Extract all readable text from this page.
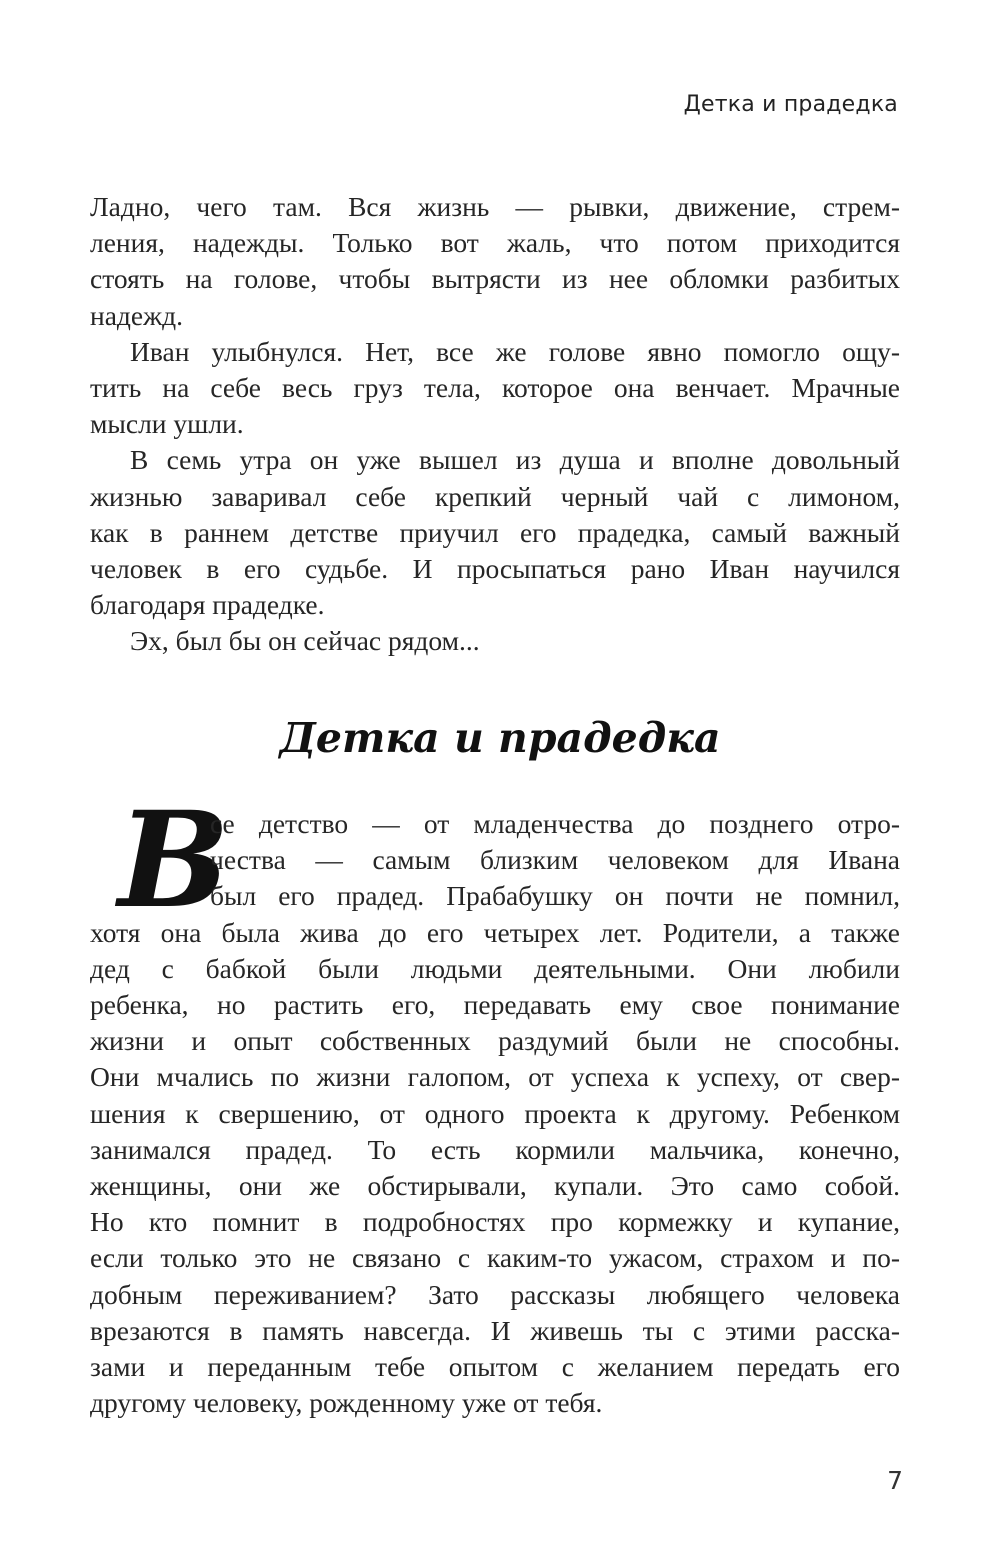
Детка и прадедка
Ладно, чего там. Вся жизнь — рывки, движение, стрем-
ления, надежды. Только вот жаль, что потом приходится
стоять на голове, чтобы вытрясти из нее обломки разбитых
надежд.
Иван улыбнулся. Нет, все же голове явно помогло ощу-
тить на себе весь груз тела, которое она венчает. Мрачные
мысли ушли.
В семь утра он уже вышел из душа и вполне довольный
жизнью заваривал себе крепкий черный чай с лимоном,
как в раннем детстве приучил его прадедка, самый важный
человек в его судьбе. И просыпаться рано Иван научился
благодаря прадедке.
Эх, был бы он сейчас рядом...
Детка и прадедка
В
се детство — от младенчества до позднего отро-
чества — самым близким человеком для Ивана
был его прадед. Прабабушку он почти не помнил,
хотя она была жива до его четырех лет. Родители, а также
дед с бабкой были людьми деятельными. Они любили
ребенка, но растить его, передавать ему свое понимание
жизни и опыт собственных раздумий были не способны.
Они мчались по жизни галопом, от успеха к успеху, от свер-
шения к свершению, от одного проекта к другому. Ребенком
занимался прадед. То есть кормили мальчика, конечно,
женщины, они же обстирывали, купали. Это само собой.
Но кто помнит в подробностях про кормежку и купание,
если только это не связано с каким-то ужасом, страхом и по-
добным переживанием? Зато рассказы любящего человека
врезаются в память навсегда. И живешь ты с этими расска-
зами и переданным тебе опытом с желанием передать его
другому человеку, рожденному уже от тебя.
7
